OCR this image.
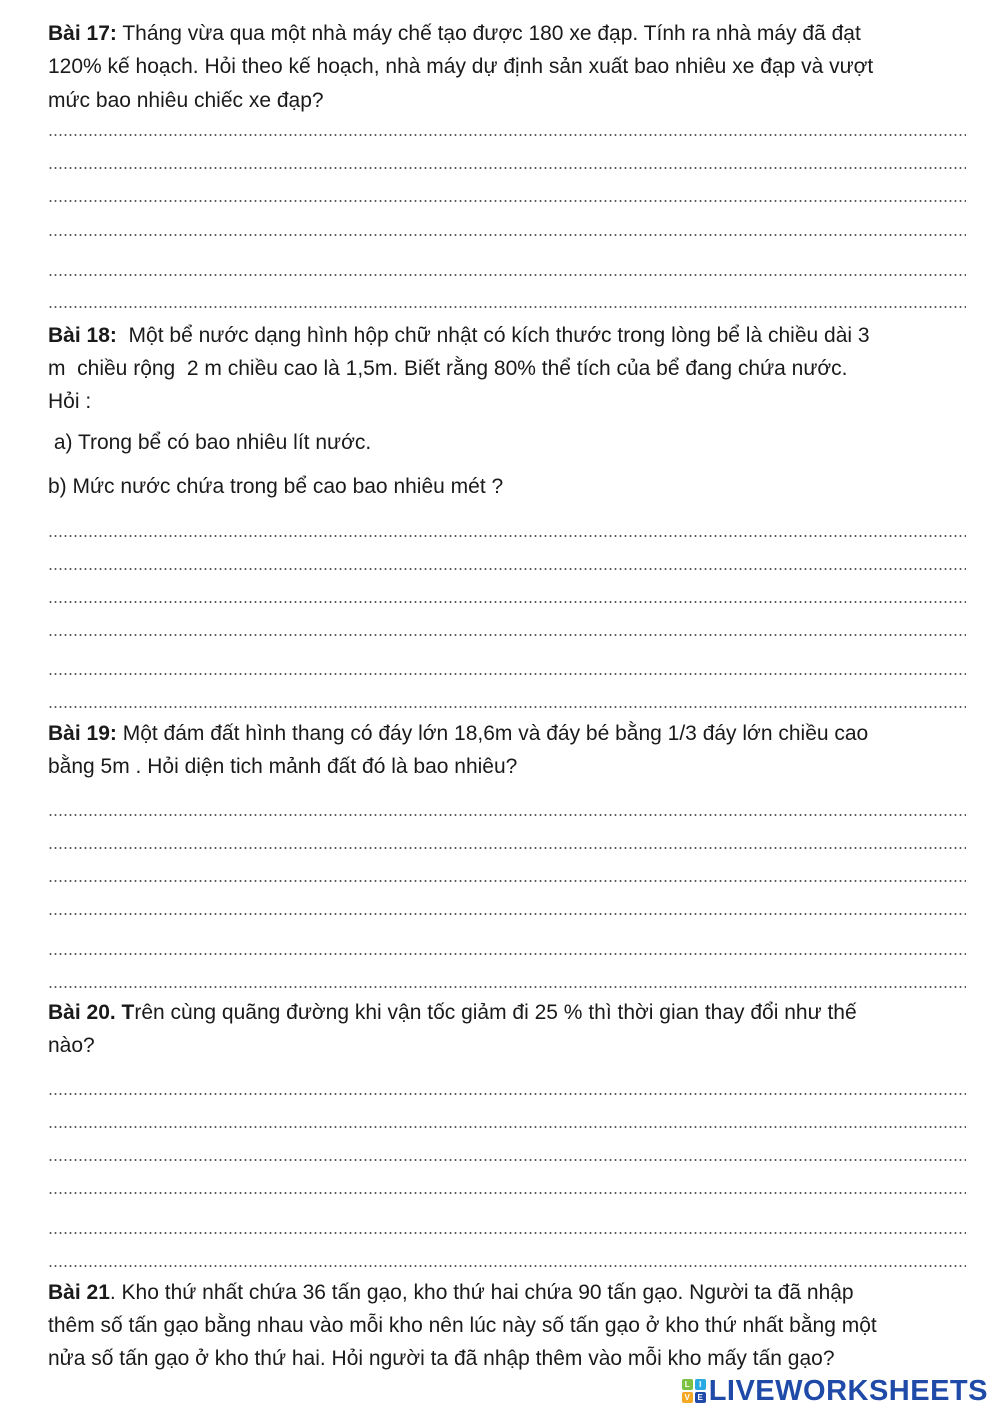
Bài 17: Tháng vừa qua một nhà máy chế tạo được 180 xe đạp. Tính ra nhà máy đã đạt

120% kế hoạch. Hỏi theo kế hoạch, nhà máy dự định sản xuất bao nhiêu xe đạp và vượt

mức bao nhiêu chiếc xe đạp?

Bài 18:  Một bể nước dạng hình hộp chữ nhật có kích thước trong lòng bể là chiều dài 3

m  chiều rộng  2 m chiều cao là 1,5m. Biết rằng 80% thể tích của bể đang chứa nước.

Hỏi :

a) Trong bể có bao nhiêu lít nước.

b) Mức nước chứa trong bể cao bao nhiêu mét ?

Bài 19: Một đám đất hình thang có đáy lớn 18,6m và đáy bé bằng 1/3 đáy lớn chiều cao

bằng 5m . Hỏi diện tich mảnh đất đó là bao nhiêu?

Bài 20. Trên cùng quãng đường khi vận tốc giảm đi 25 % thì thời gian thay đổi như thế

nào?

Bài 21. Kho thứ nhất chứa 36 tấn gạo, kho thứ hai chứa 90 tấn gạo. Người ta đã nhập

thêm số tấn gạo bằng nhau vào mỗi kho nên lúc này số tấn gạo ở kho thứ nhất bằng một

nửa số tấn gạo ở kho thứ hai. Hỏi người ta đã nhập thêm vào mỗi kho mấy tấn gạo?

L	I
V E LIVEWORKSHEETS
